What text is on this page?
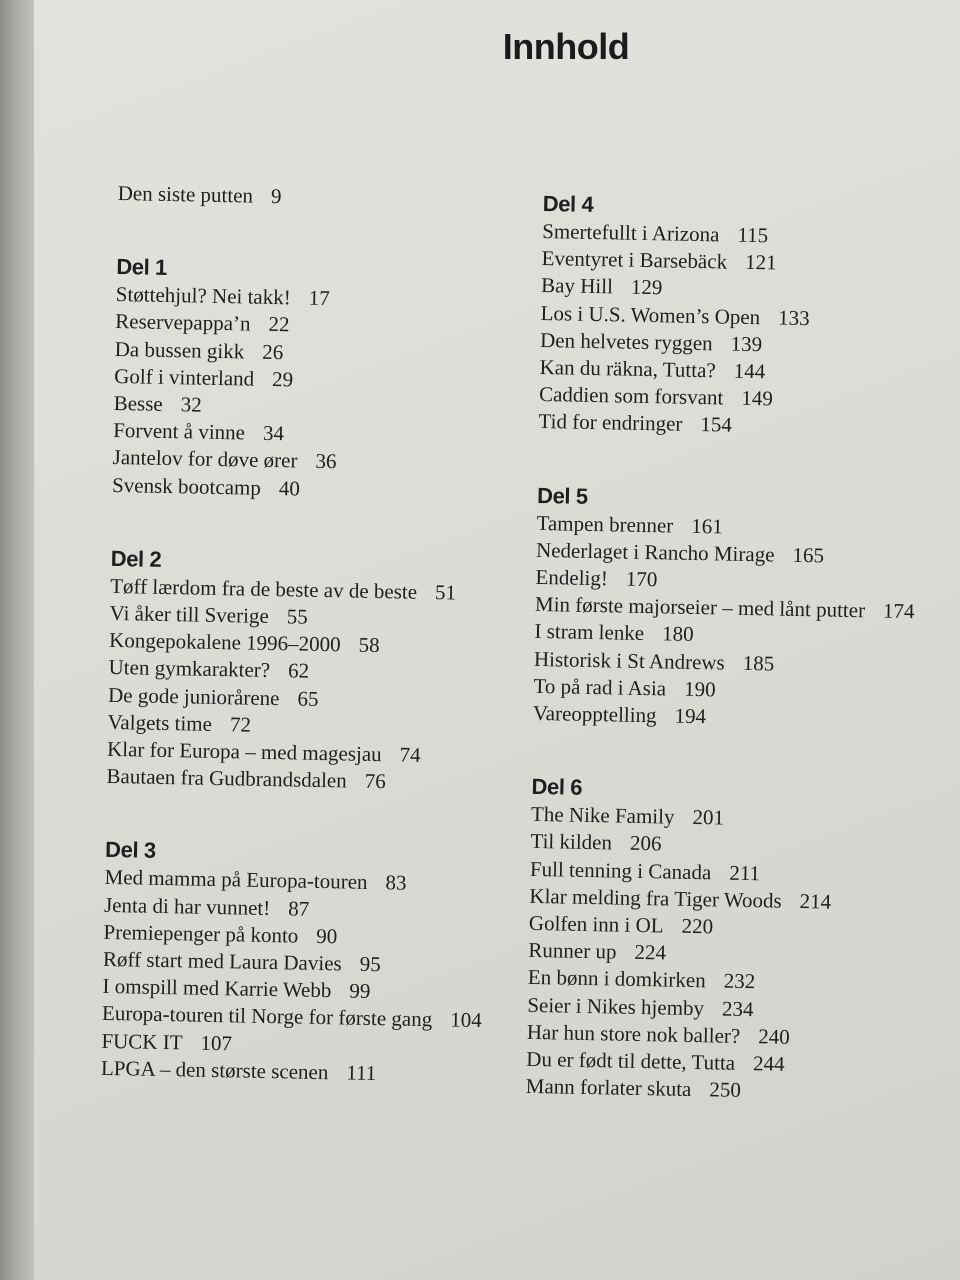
Innhold
Den siste putten 9
Del 1
Støttehjul? Nei takk! 17
Reservepappa’n 22
Da bussen gikk 26
Golf i vinterland 29
Besse 32
Forvent å vinne 34
Jantelov for døve ører 36
Svensk bootcamp 40
Del 2
Tøff lærdom fra de beste av de beste 51
Vi åker till Sverige 55
Kongepokalene 1996–2000 58
Uten gymkarakter? 62
De gode juniorårene 65
Valgets time 72
Klar for Europa – med magesjau 74
Bautaen fra Gudbrandsdalen 76
Del 3
Med mamma på Europa-touren 83
Jenta di har vunnet! 87
Premiepenger på konto 90
Røff start med Laura Davies 95
I omspill med Karrie Webb 99
Europa-touren til Norge for første gang 104
FUCK IT 107
LPGA – den største scenen 111
Del 4
Smertefullt i Arizona 115
Eventyret i Barsebäck 121
Bay Hill 129
Los i U.S. Women’s Open 133
Den helvetes ryggen 139
Kan du räkna, Tutta? 144
Caddien som forsvant 149
Tid for endringer 154
Del 5
Tampen brenner 161
Nederlaget i Rancho Mirage 165
Endelig! 170
Min første majorseier – med lånt putter 174
I stram lenke 180
Historisk i St Andrews 185
To på rad i Asia 190
Vareopptelling 194
Del 6
The Nike Family 201
Til kilden 206
Full tenning i Canada 211
Klar melding fra Tiger Woods 214
Golfen inn i OL 220
Runner up 224
En bønn i domkirken 232
Seier i Nikes hjemby 234
Har hun store nok baller? 240
Du er født til dette, Tutta 244
Mann forlater skuta 250
